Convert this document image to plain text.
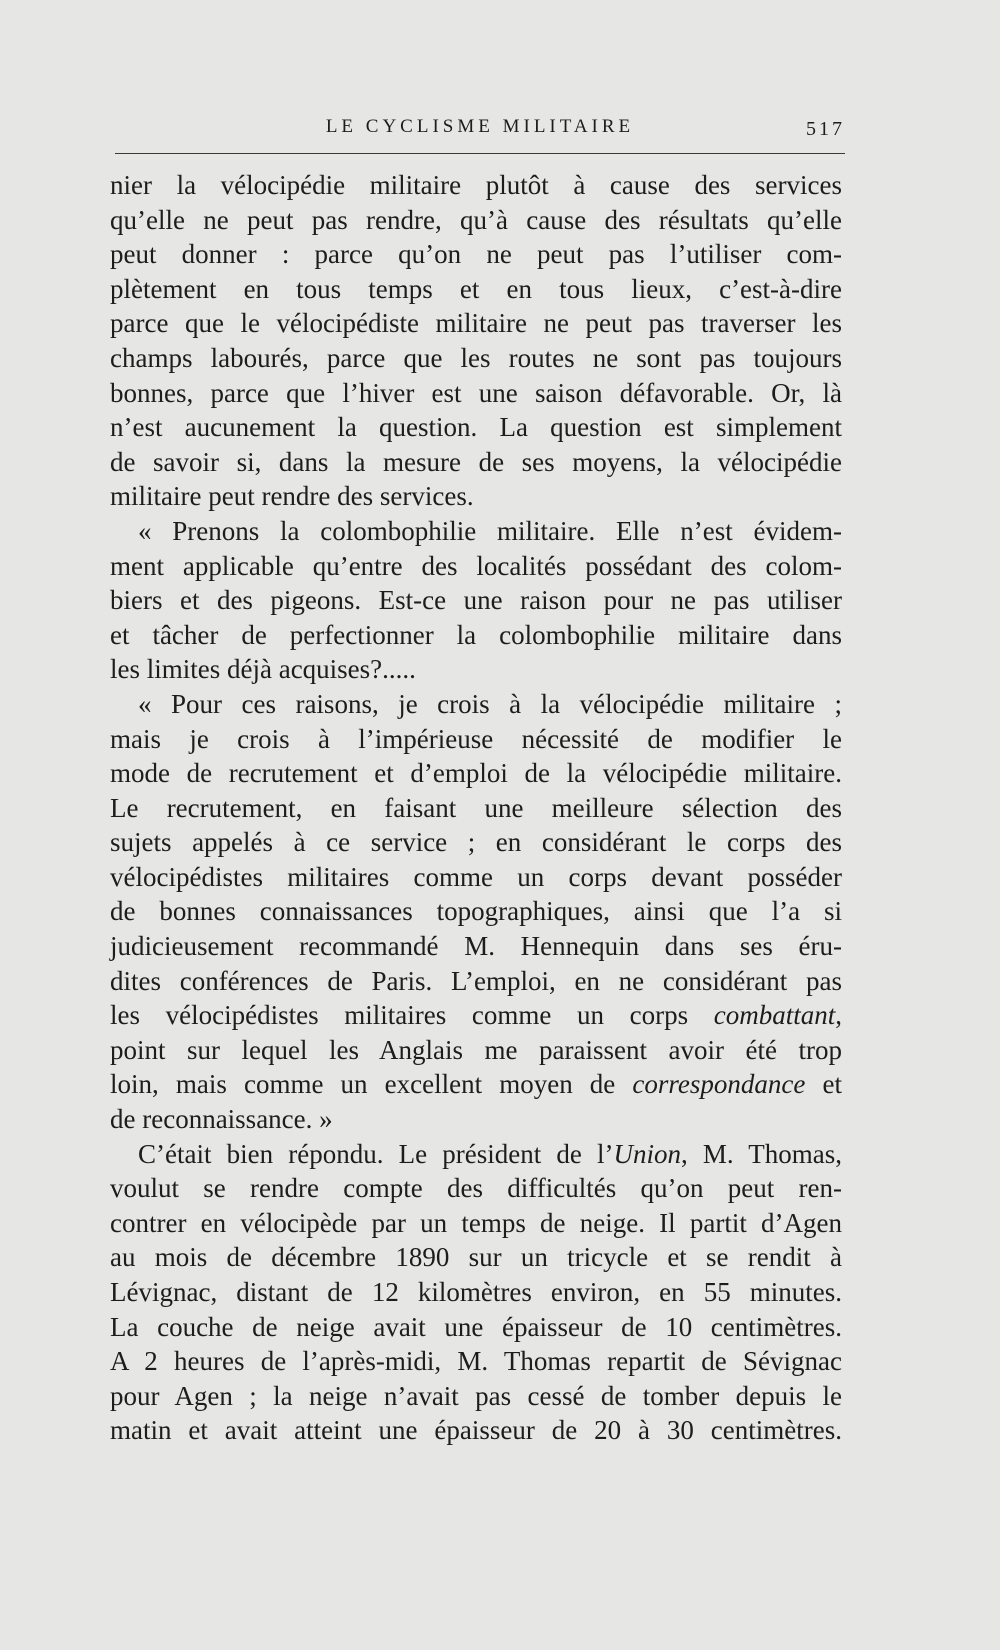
LE CYCLISME MILITAIRE	517
nier la vélocipédie militaire plutôt à cause des services
qu’elle ne peut pas rendre, qu’à cause des résultats qu’elle
peut donner : parce qu’on ne peut pas l’utiliser com-
plètement en tous temps et en tous lieux, c’est-à-dire
parce que le vélocipédiste militaire ne peut pas traverser les
champs labourés, parce que les routes ne sont pas toujours
bonnes, parce que l’hiver est une saison défavorable. Or, là
n’est aucunement la question. La question est simplement
de savoir si, dans la mesure de ses moyens, la vélocipédie
militaire peut rendre des services.
« Prenons la colombophilie militaire. Elle n’est évidem-
ment applicable qu’entre des localités possédant des colom-
biers et des pigeons. Est-ce une raison pour ne pas utiliser
et tâcher de perfectionner la colombophilie militaire dans
les limites déjà acquises?.....
« Pour ces raisons, je crois à la vélocipédie militaire ;
mais je crois à l’impérieuse nécessité de modifier le
mode de recrutement et d’emploi de la vélocipédie militaire.
Le recrutement, en faisant une meilleure sélection des
sujets appelés à ce service ; en considérant le corps des
vélocipédistes militaires comme un corps devant posséder
de bonnes connaissances topographiques, ainsi que l’a si
judicieusement recommandé M. Hennequin dans ses éru-
dites conférences de Paris. L’emploi, en ne considérant pas
les vélocipédistes militaires comme un corps combattant,
point sur lequel les Anglais me paraissent avoir été trop
loin, mais comme un excellent moyen de correspondance et
de reconnaissance. »
C’était bien répondu. Le président de l’Union, M. Thomas,
voulut se rendre compte des difficultés qu’on peut ren-
contrer en vélocipède par un temps de neige. Il partit d’Agen
au mois de décembre 1890 sur un tricycle et se rendit à
Lévignac, distant de 12 kilomètres environ, en 55 minutes.
La couche de neige avait une épaisseur de 10 centimètres.
A 2 heures de l’après-midi, M. Thomas repartit de Sévignac
pour Agen ; la neige n’avait pas cessé de tomber depuis le
matin et avait atteint une épaisseur de 20 à 30 centimètres.
